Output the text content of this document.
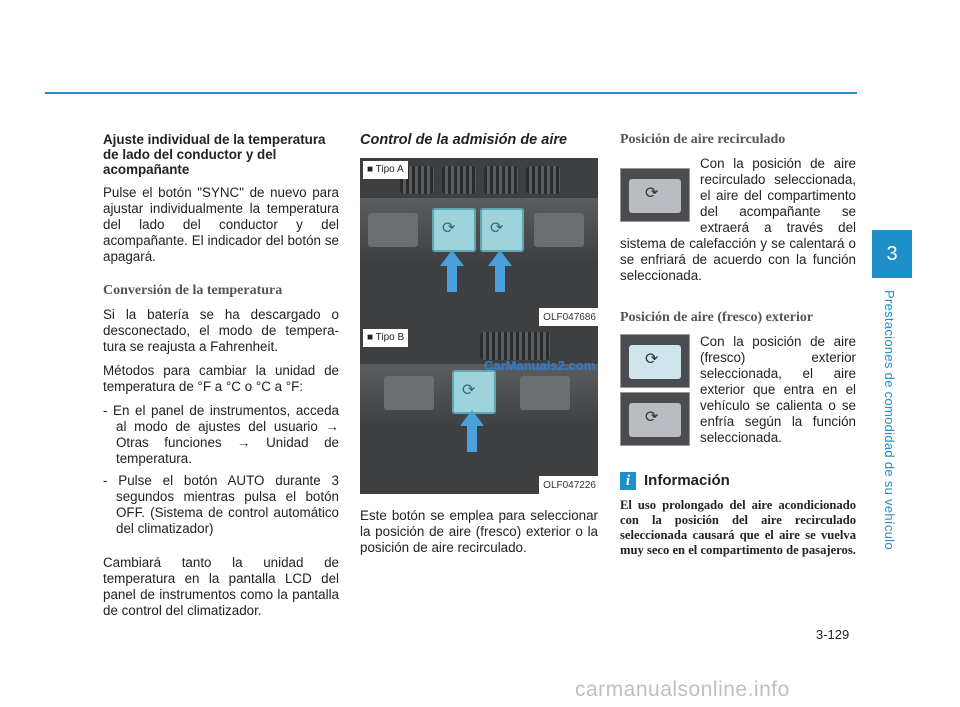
Ajuste individual de la temperatura de lado del conductor y del acompañante

Pulse el botón "SYNC" de nuevo para ajustar individualmente la temperatura del lado del conductor y del acompañante. El indicador del botón se apagará.

Conversión de la temperatura

Si la batería se ha descargado o desconectado, el modo de tempera-tura se reajusta a Fahrenheit.

Métodos para cambiar la unidad de temperatura de °F a °C o °C a °F:

- En el panel de instrumentos, acceda al modo de ajustes del usuario → Otras funciones → Unidad de temperatura.
- Pulse el botón AUTO durante 3 segundos mientras pulsa el botón OFF. (Sistema de control automático del climatizador)

Cambiará tanto la unidad de temperatura en la pantalla LCD del panel de instrumentos como la pantalla de control del climatizador.

Control de la admisión de aire
⟳ ⟳
■ Tipo A
OLF047686
⟳
■ Tipo B
OLF047226

Este botón se emplea para seleccionar la posición de aire (fresco) exterior o la posición de aire recirculado.

Posición de aire recirculado
⟳

Con la posición de aire recirculado seleccionada, el aire del compartimento del acompañante se extraerá a través del sistema de calefacción y se calentará o se enfriará de acuerdo con la función seleccionada.

Posición de aire (fresco) exterior
⟳
⟳

Con la posición de aire (fresco) exterior seleccionada, el aire exterior que entra en el vehículo se calienta o se enfría según la función seleccionada.

i Información
El uso prolongado del aire acondicionado con la posición del aire recirculado seleccionada causará que el aire se vuelva muy seco en el compartimento de pasajeros.
3
Prestaciones de comodidad de su vehículo
3-129
CarManuals2.com
carmanualsonline.info
